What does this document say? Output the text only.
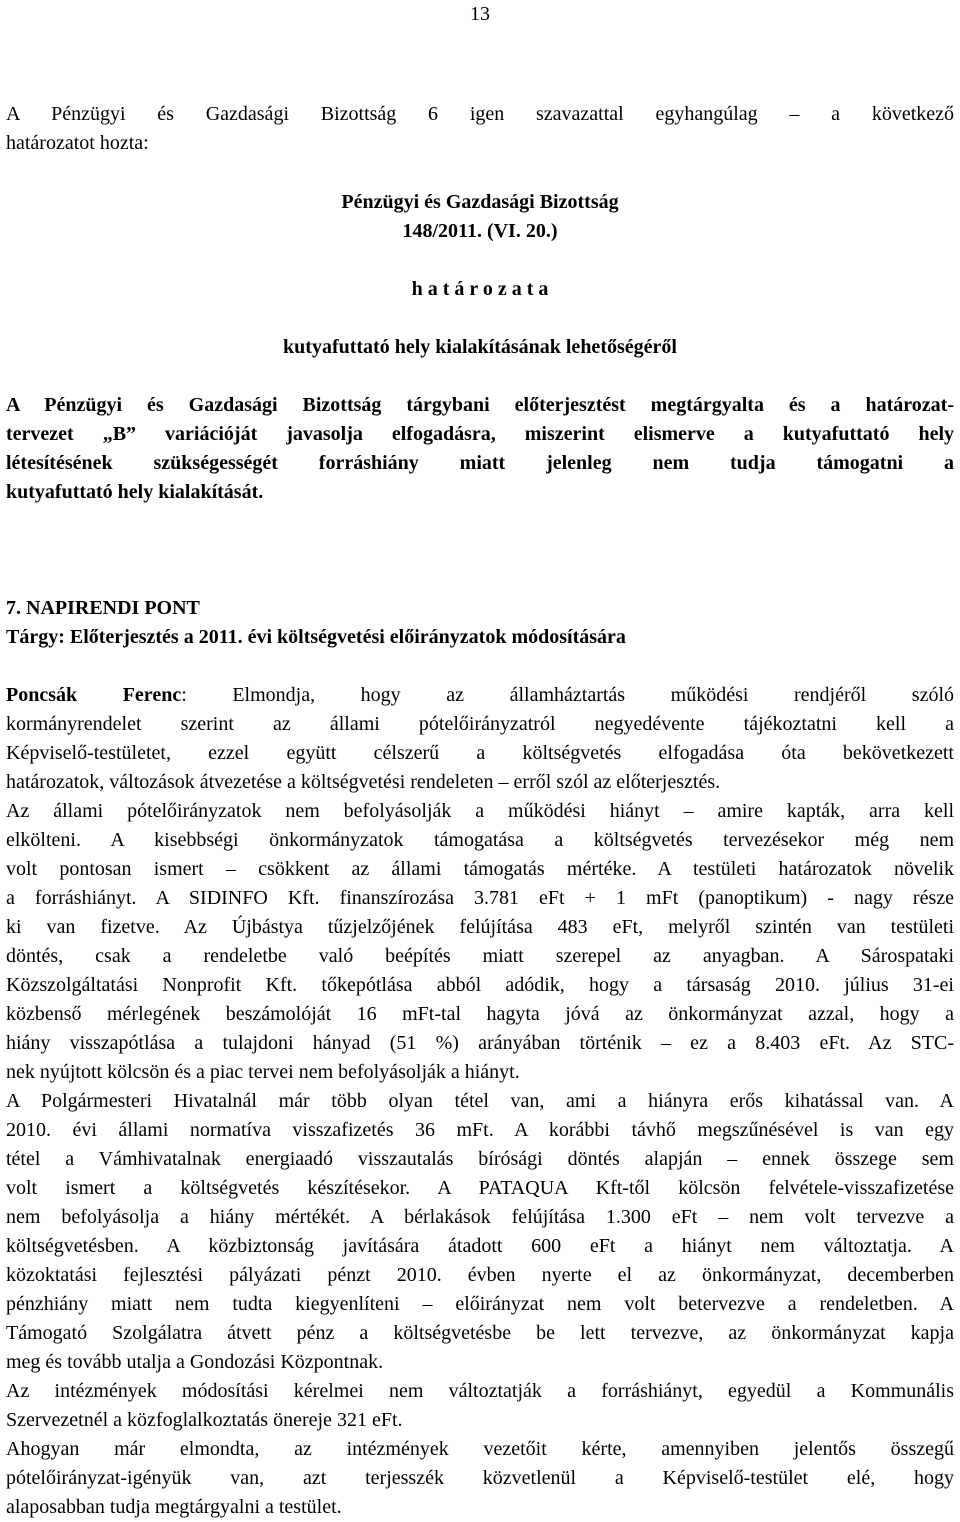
13
A Pénzügyi és Gazdasági Bizottság 6 igen szavazattal egyhangúlag – a következő
határozatot hozta:
Pénzügyi és Gazdasági Bizottság
148/2011. (VI. 20.)
h a t á r o z a t a
kutyafuttató hely kialakításának lehetőségéről
A Pénzügyi és Gazdasági Bizottság tárgybani előterjesztést megtárgyalta és a határozat-
tervezet „B” variációját javasolja elfogadásra, miszerint elismerve a kutyafuttató hely
létesítésének szükségességét forráshiány miatt jelenleg nem tudja támogatni a
kutyafuttató hely kialakítását.
7. NAPIRENDI PONT
Tárgy: Előterjesztés a 2011. évi költségvetési előirányzatok módosítására
Poncsák Ferenc: Elmondja, hogy az államháztartás működési rendjéről szóló
kormányrendelet szerint az állami pótelőirányzatról negyedévente tájékoztatni kell a
Képviselő-testületet, ezzel együtt célszerű a költségvetés elfogadása óta bekövetkezett
határozatok, változások átvezetése a költségvetési rendeleten – erről szól az előterjesztés.
Az állami pótelőirányzatok nem befolyásolják a működési hiányt – amire kapták, arra kell
elkölteni. A kisebbségi önkormányzatok támogatása a költségvetés tervezésekor még nem
volt pontosan ismert – csökkent az állami támogatás mértéke. A testületi határozatok növelik
a forráshiányt. A SIDINFO Kft. finanszírozása 3.781 eFt + 1 mFt (panoptikum) - nagy része
ki van fizetve. Az Újbástya tűzjelzőjének felújítása 483 eFt, melyről szintén van testületi
döntés, csak a rendeletbe való beépítés miatt szerepel az anyagban. A Sárospataki
Közszolgáltatási Nonprofit Kft. tőkepótlása abból adódik, hogy a társaság 2010. július 31-ei
közbenső mérlegének beszámolóját 16 mFt-tal hagyta jóvá az önkormányzat azzal, hogy a
hiány visszapótlása a tulajdoni hányad (51 %) arányában történik – ez a 8.403 eFt. Az STC-
nek nyújtott kölcsön és a piac tervei nem befolyásolják a hiányt.
A Polgármesteri Hivatalnál már több olyan tétel van, ami a hiányra erős kihatással van. A
2010. évi állami normatíva visszafizetés 36 mFt. A korábbi távhő megszűnésével is van egy
tétel a Vámhivatalnak energiaadó visszautalás bírósági döntés alapján – ennek összege sem
volt ismert a költségvetés készítésekor. A PATAQUA Kft-től kölcsön felvétele-visszafizetése
nem befolyásolja a hiány mértékét. A bérlakások felújítása 1.300 eFt – nem volt tervezve a
költségvetésben. A közbiztonság javítására átadott 600 eFt a hiányt nem változtatja. A
közoktatási fejlesztési pályázati pénzt 2010. évben nyerte el az önkormányzat, decemberben
pénzhiány miatt nem tudta kiegyenlíteni – előirányzat nem volt betervezve a rendeletben. A
Támogató Szolgálatra átvett pénz a költségvetésbe be lett tervezve, az önkormányzat kapja
meg és tovább utalja a Gondozási Központnak.
Az intézmények módosítási kérelmei nem változtatják a forráshiányt, egyedül a Kommunális
Szervezetnél a közfoglalkoztatás önereje 321 eFt.
Ahogyan már elmondta, az intézmények vezetőit kérte, amennyiben jelentős összegű
pótelőirányzat-igényük van, azt terjesszék közvetlenül a Képviselő-testület elé, hogy
alaposabban tudja megtárgyalni a testület.
